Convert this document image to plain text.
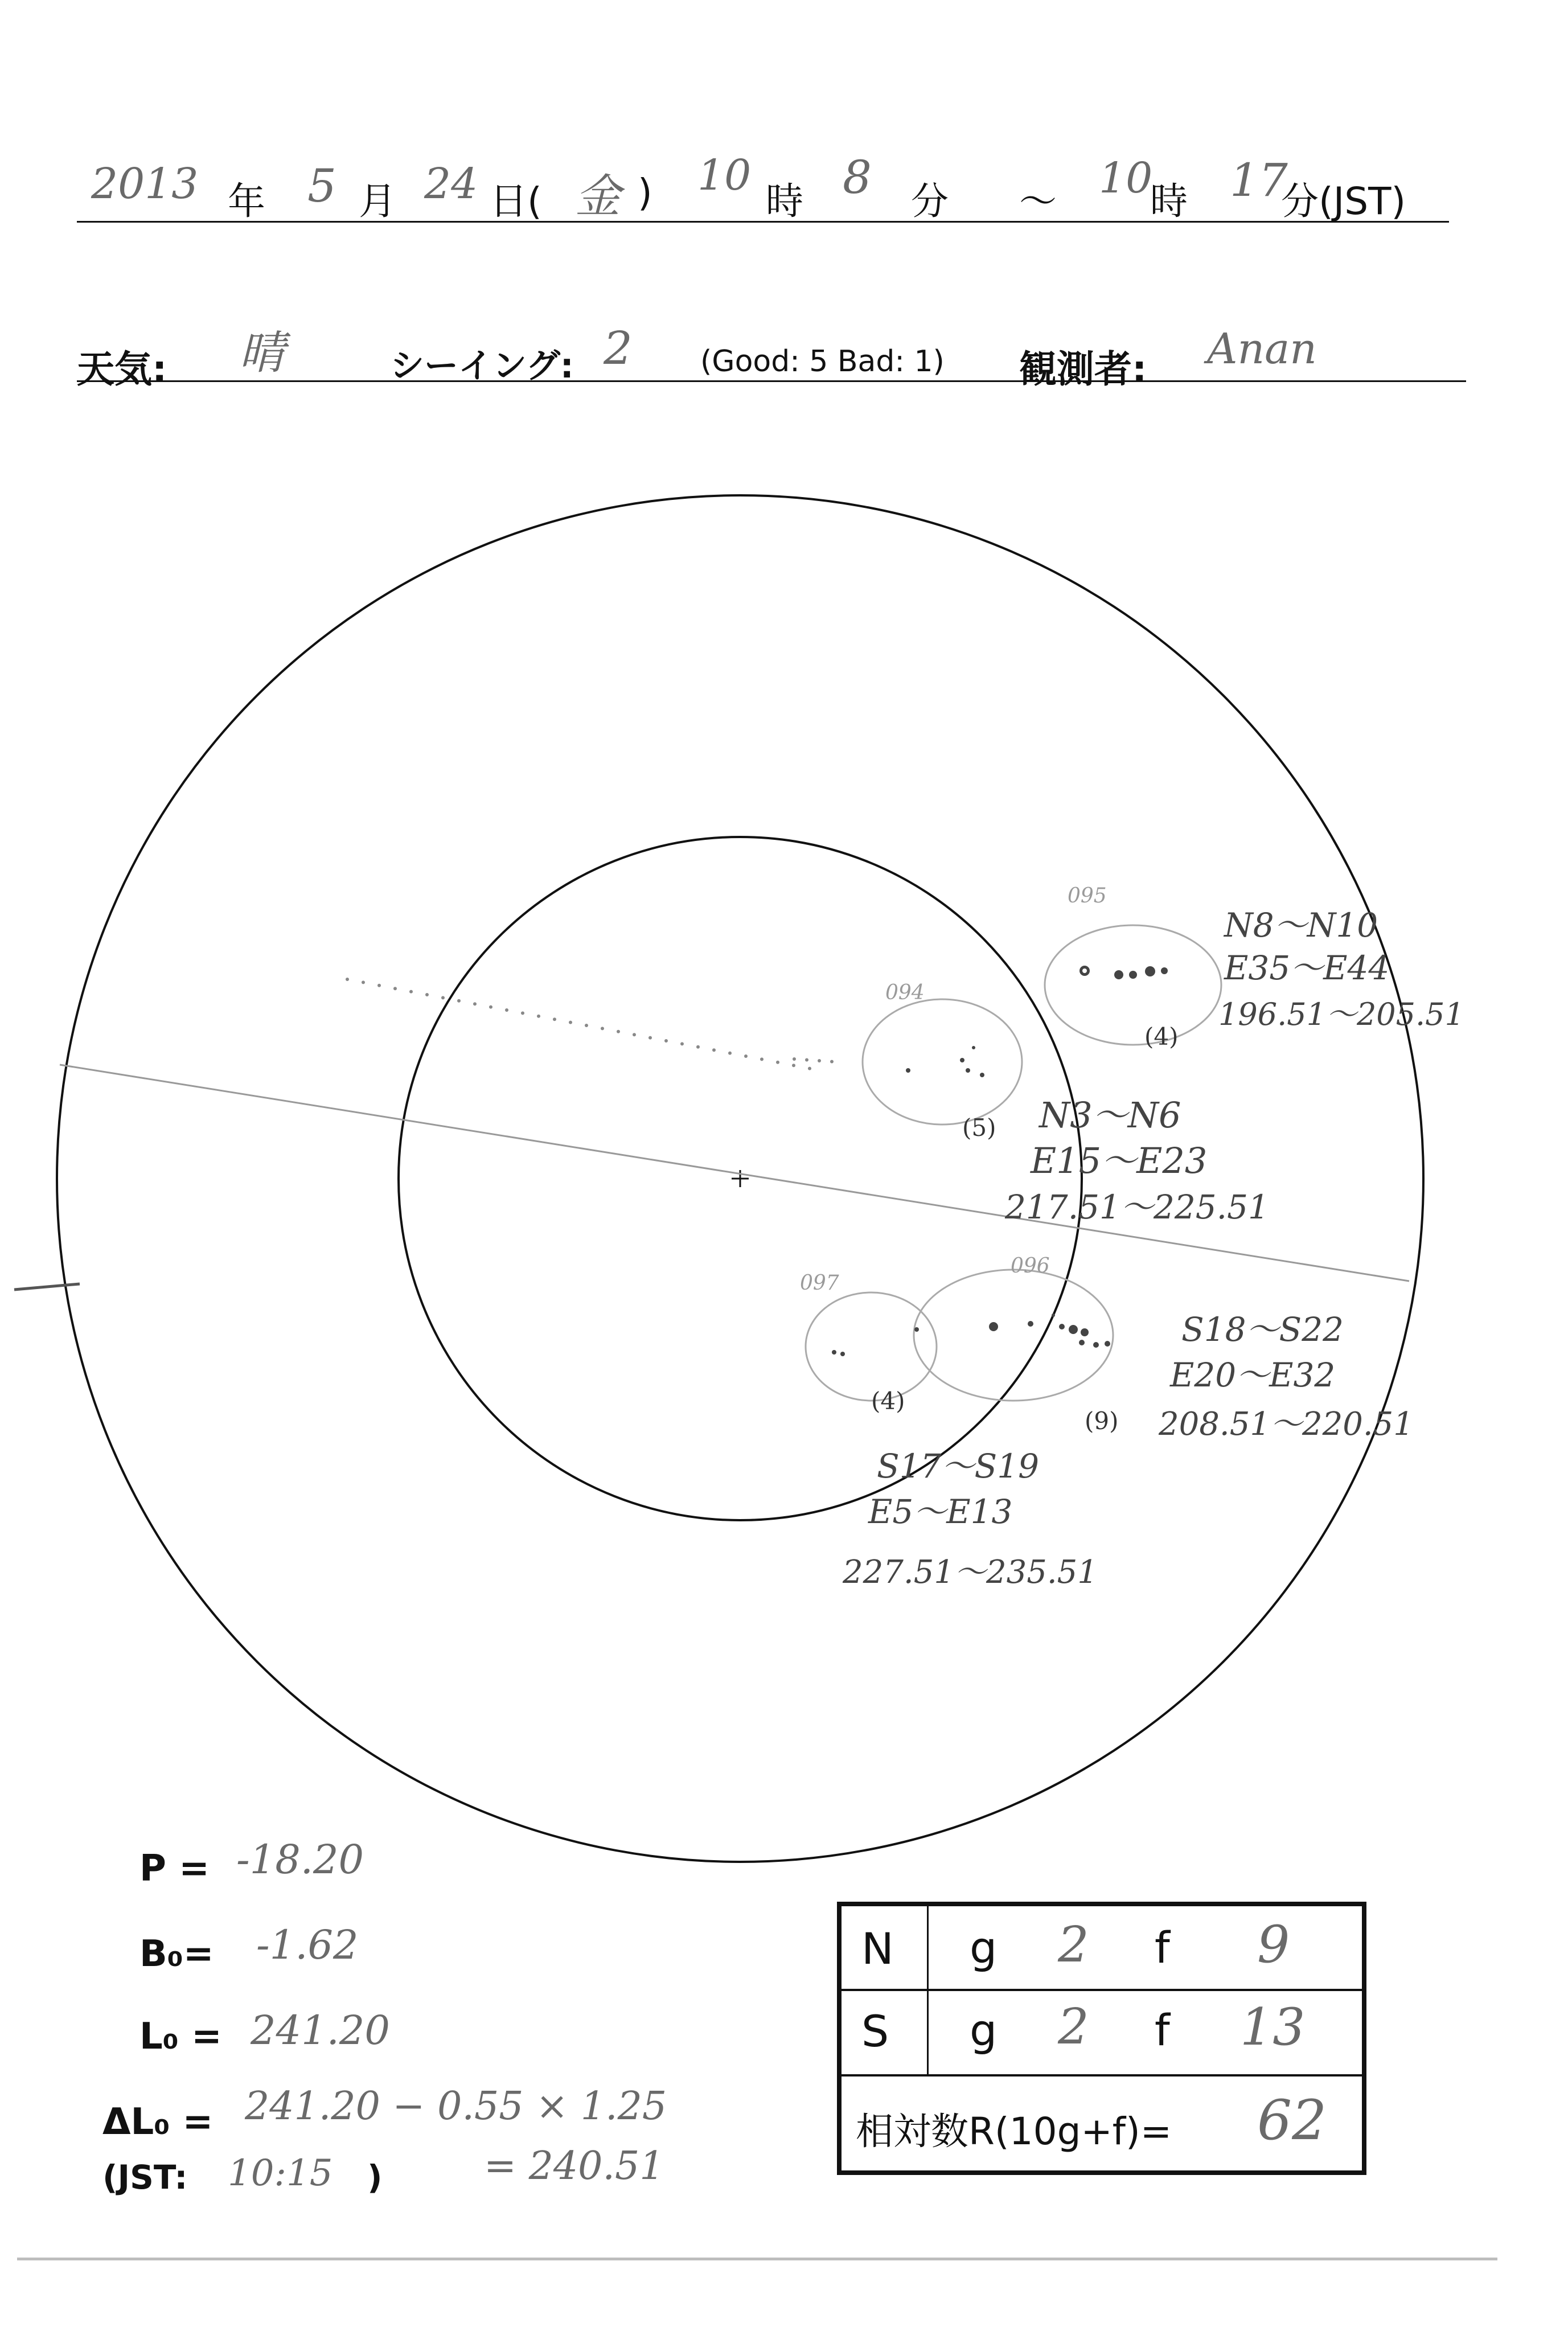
2013 年 5 月 24 日( 金 ) 10
時 8 分 〜 10
時 17
分(JST)
天気: 晴	シーイング: 2 (Good: 5 Bad: 1) 観測者: Anan
095
094
097
096
(4)
(5)
(4)
(9)
N8〜N10
E35〜E44
196.51〜205.51
N3〜N6
E15〜E23
217.51〜225.51
S18〜S22
E20〜E32
208.51〜220.51
S17〜S19
E5〜E13
227.51〜235.51
P = -18.20
B₀= -1.62
L₀ = 241.20
ΔL₀ = 241.20 − 0.55 × 1.25
(JST: 10:15 )	= 240.51
N g 2 f 9
S g 2 f 13
相対数R(10g+f)= 62
